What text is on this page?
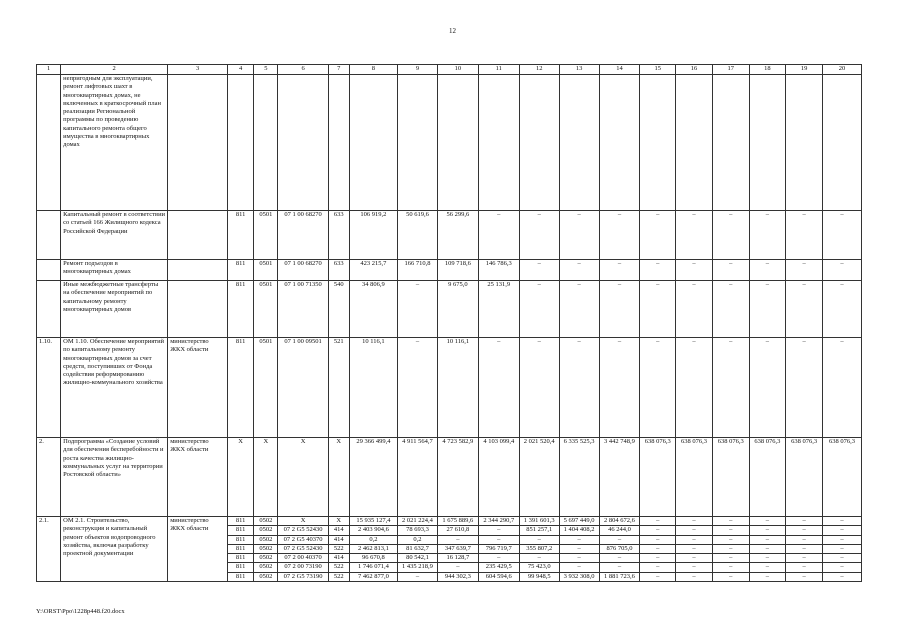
12
1	2	3	4	5	6	7	8	9	10	11	12	13	14	15	16	17	18	19	20
	непригодным для эксплуатации, ремонт лифтовых шахт в многоквартирных домах, не включенных в краткосрочный план реализации Региональной программы по проведению капитального ремонта общего имущества в многоквартирных домах																		
	Капитальный ремонт в соответствии со статьей 166 Жилищного кодекса Российской Федерации		811	0501	07 1 00 68270	633	106 919,2	50 619,6	56 299,6	–	–	–	–	–	–	–	–	–	–
	Ремонт подъездов в многоквартирных домах		811	0501	07 1 00 68270	633	423 215,7	166 710,8	109 718,6	146 786,3	–	–	–	–	–	–	–	–	–
	Иные межбюджетные трансферты на обеспечение мероприятий по капитальному ремонту многоквартирных домов		811	0501	07 1 00 71350	540	34 806,9	–	9 675,0	25 131,9	–	–	–	–	–	–	–	–	–
1.10.	ОМ 1.10. Обеспечение мероприятий по капитальному ремонту многоквартирных домов за счет средств, поступивших от Фонда содействия реформированию жилищно-коммунального хозяйства	министерство ЖКХ области	811	0501	07 1 00 09501	521	10 116,1	–	10 116,1	–	–	–	–	–	–	–	–	–	–
2.	Подпрограмма «Создание условий для обеспечения бесперебойности и роста качества жилищно-коммунальных услуг на территории Ростовской области»	министерство ЖКХ области	Х	Х	Х	Х	29 366 499,4	4 911 564,7	4 723 582,9	4 103 099,4	2 021 520,4	6 335 525,3	3 442 748,9	638 076,3	638 076,3	638 076,3	638 076,3	638 076,3	638 076,3
2.1.	ОМ 2.1. Строительство, реконструкция и капитальный ремонт объектов водопроводного хозяйства, включая разработку проектной документации	министерство ЖКХ области	811	0502	Х	Х	15 935 127,4	2 021 224,4	1 675 889,6	2 344 290,7	1 391 601,3	5 697 449,0	2 804 672,6	–	–	–	–	–	–
			811	0502	07 2 G5 52430	414	2 403 904,6	78 693,3	27 610,8	–	851 257,1	1 404 408,2	46 244,0	–	–	–	–	–	–
			811	0502	07 2 G5 40370	414	0,2	0,2	–	–	–	–	–	–	–	–	–	–	–
			811	0502	07 2 G5 52430	522	2 462 813,1	81 632,7	347 639,7	796 719,7	355 807,2	–	876 705,0	–	–	–	–	–	–
			811	0502	07 2 00 40370	414	96 670,8	80 542,1	16 128,7	–	–	–	–	–	–	–	–	–	–
			811	0502	07 2 00 73190	522	1 746 071,4	1 435 218,9	–	235 429,5	75 423,0	–	–	–	–	–	–	–	–
			811	0502	07 2 G5 73190	522	7 462 877,0	–	944 302,3	604 594,6	99 948,5	3 932 308,0	1 881 723,6	–	–	–	–	–	–
Y:\ORST\Ppo\1228p448.f20.docx
